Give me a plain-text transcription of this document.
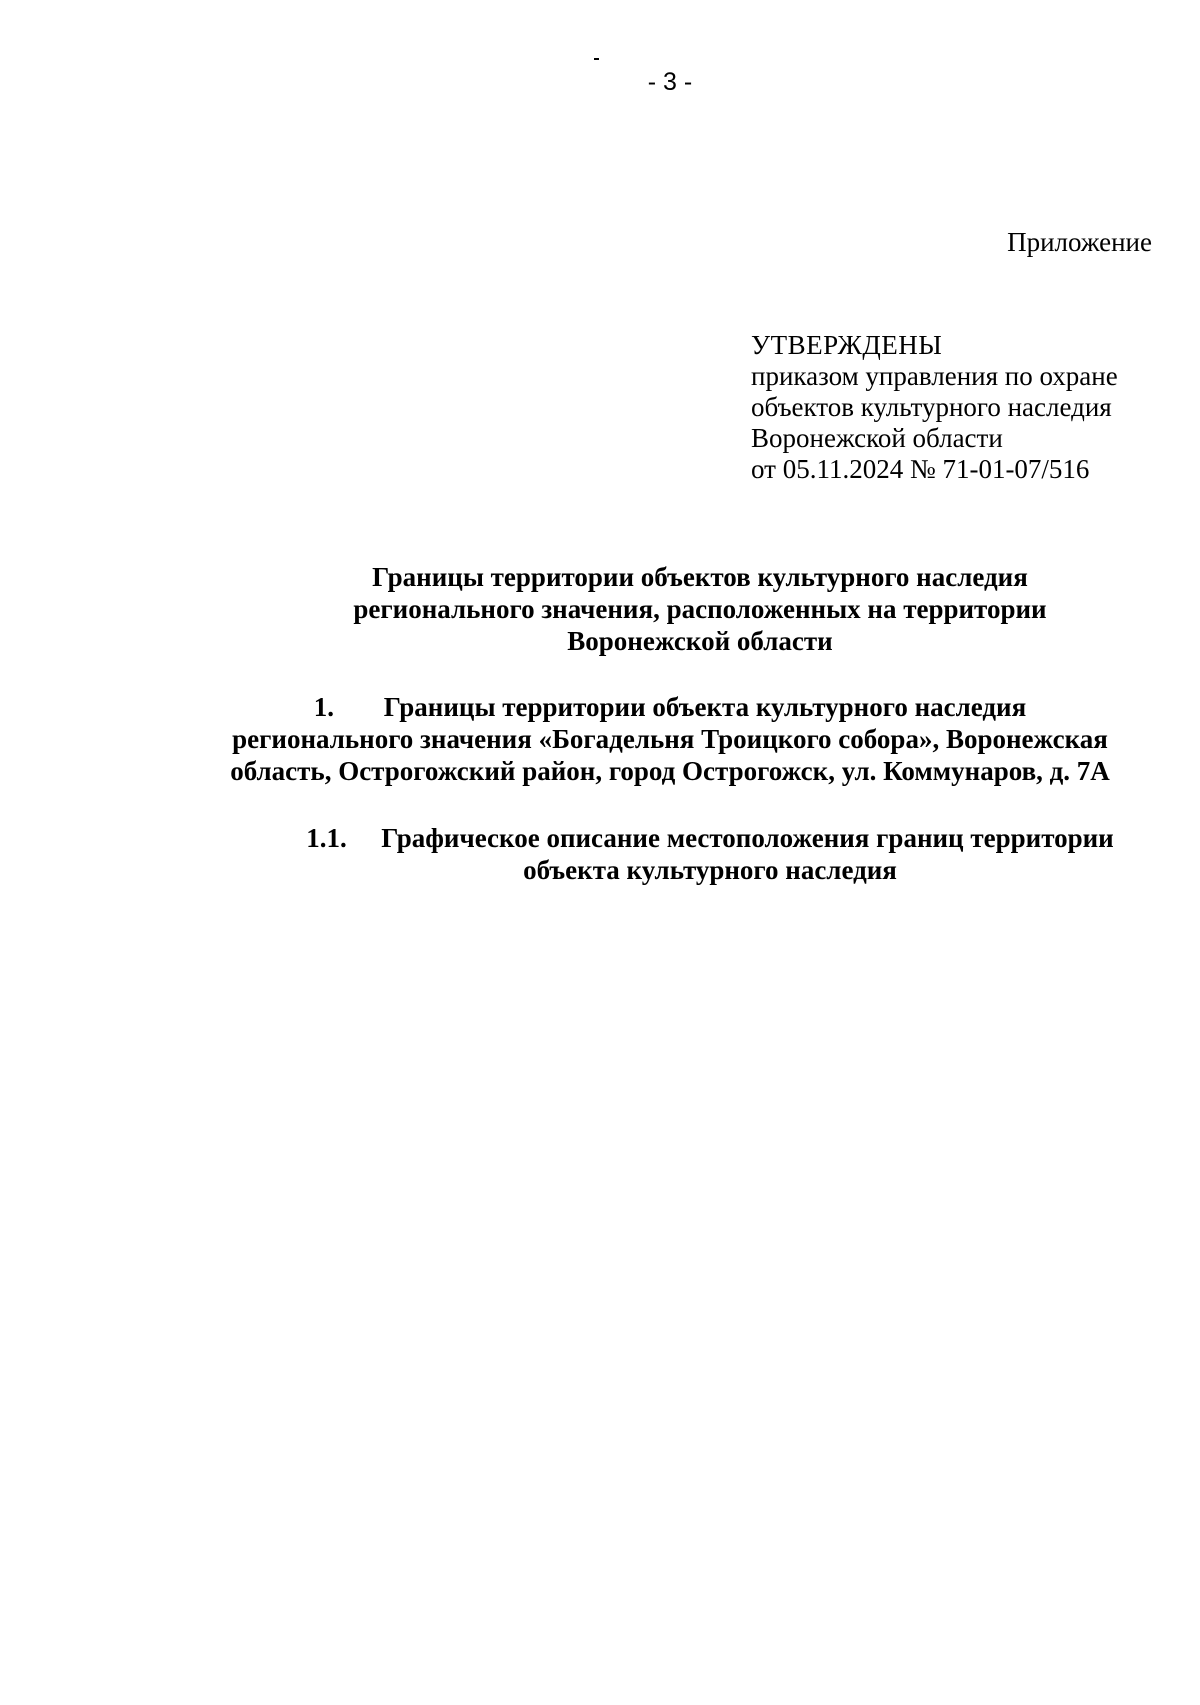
- 3 -
Приложение
УТВЕРЖДЕНЫ
приказом управления по охране
объектов культурного наследия
Воронежской области
от 05.11.2024 № 71-01-07/516
Границы территории объектов культурного наследия
регионального значения, расположенных на территории
Воронежской области
1. Границы территории объекта культурного наследия
регионального значения «Богадельня Троицкого собора», Воронежская
область, Острогожский район, город Острогожск, ул. Коммунаров, д. 7А
1.1. Графическое описание местоположения границ территории
объекта культурного наследия
